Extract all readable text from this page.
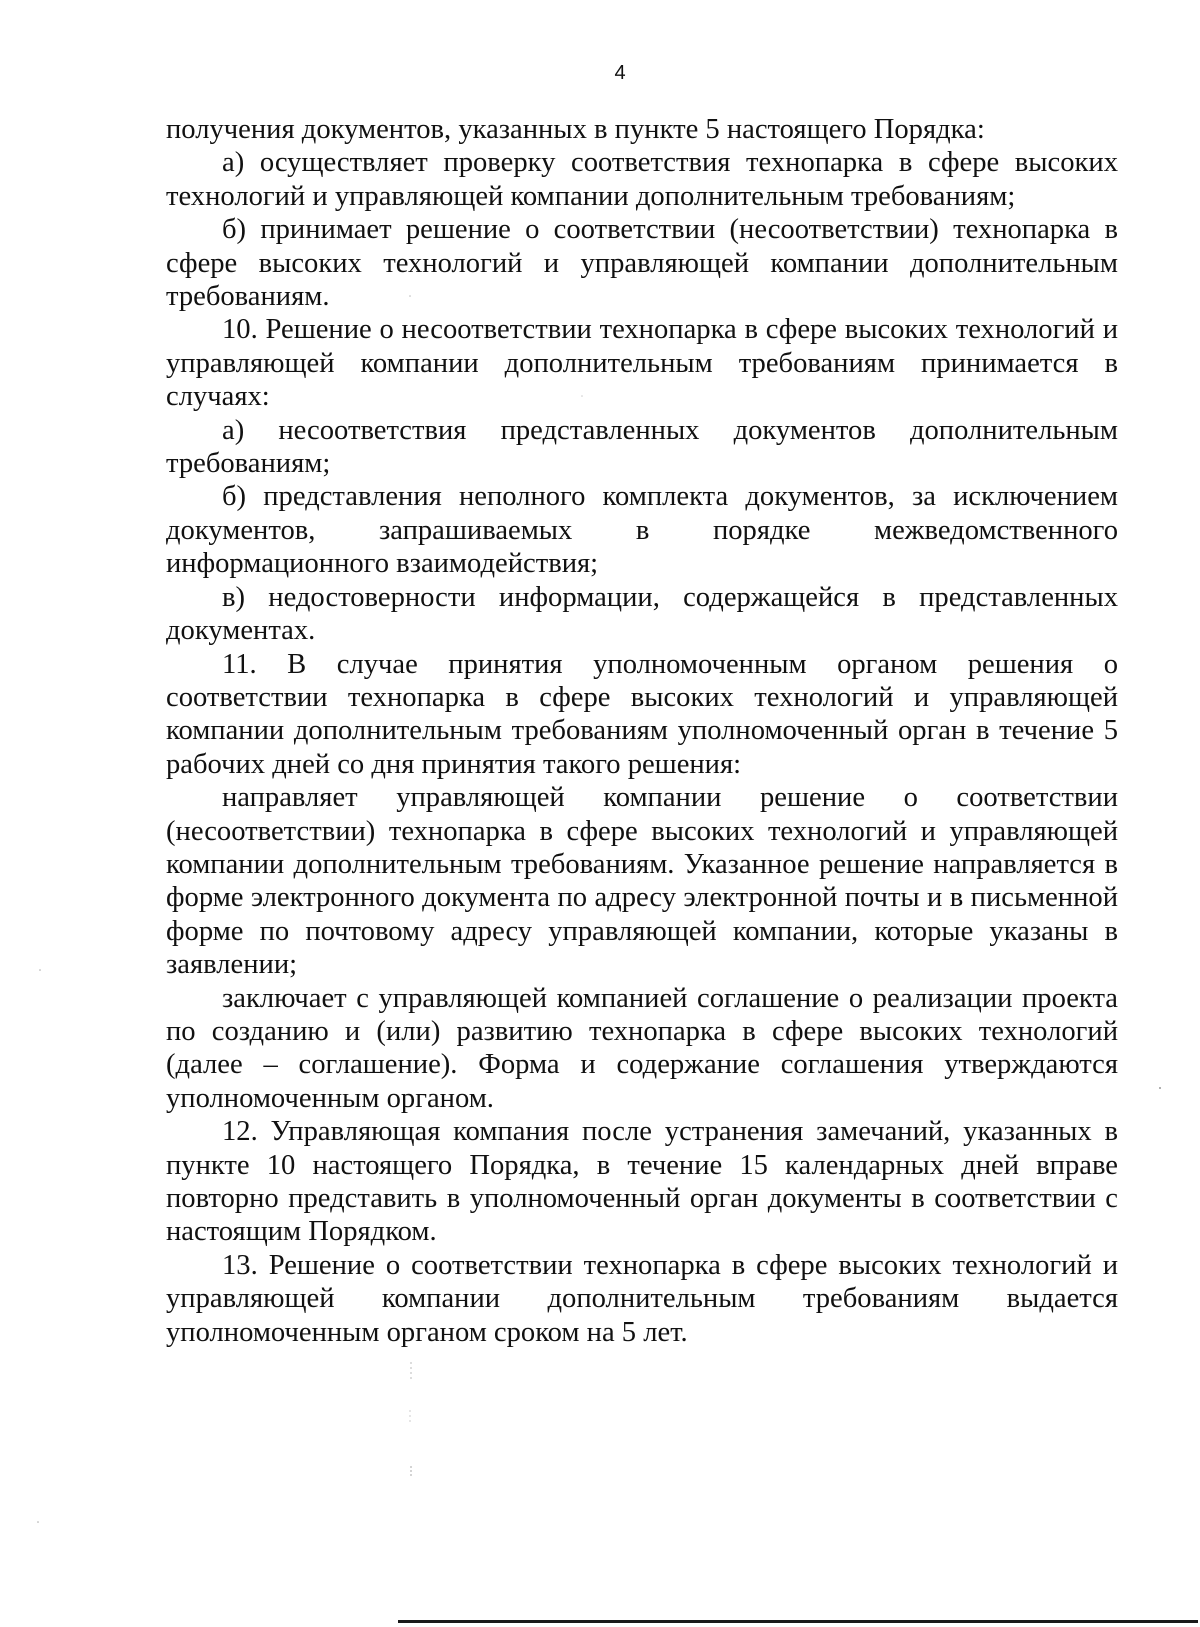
4

получения документов, указанных в пункте 5 настоящего Порядка:

а) осуществляет проверку соответствия технопарка в сфере высоких технологий и управляющей компании дополнительным требованиям;

б) принимает решение о соответствии (несоответствии) технопарка в сфере высоких технологий и управляющей компании дополнительным требованиям.

10. Решение о несоответствии технопарка в сфере высоких технологий и управляющей компании дополнительным требованиям принимается в случаях:

а) несоответствия представленных документов дополнительным требованиям;

б) представления неполного комплекта документов, за исключением документов, запрашиваемых в порядке межведомственного информационного взаимодействия;

в) недостоверности информации, содержащейся в представленных документах.

11. В случае принятия уполномоченным органом решения о соответствии технопарка в сфере высоких технологий и управляющей компании дополнительным требованиям уполномоченный орган в течение 5 рабочих дней со дня принятия такого решения:

направляет управляющей компании решение о соответствии (несоответствии) технопарка в сфере высоких технологий и управляющей компании дополнительным требованиям. Указанное решение направляется в форме электронного документа по адресу электронной почты и в письменной форме по почтовому адресу управляющей компании, которые указаны в заявлении;

заключает с управляющей компанией соглашение о реализации проекта по созданию и (или) развитию технопарка в сфере высоких технологий (далее – соглашение). Форма и содержание соглашения утверждаются уполномоченным органом.

12. Управляющая компания после устранения замечаний, указанных в пункте 10 настоящего Порядка, в течение 15 календарных дней вправе повторно представить в уполномоченный орган документы в соответствии с настоящим Порядком.

13. Решение о соответствии технопарка в сфере высоких технологий и управляющей компании дополнительным требованиям выдается уполномоченным органом сроком на 5 лет.
